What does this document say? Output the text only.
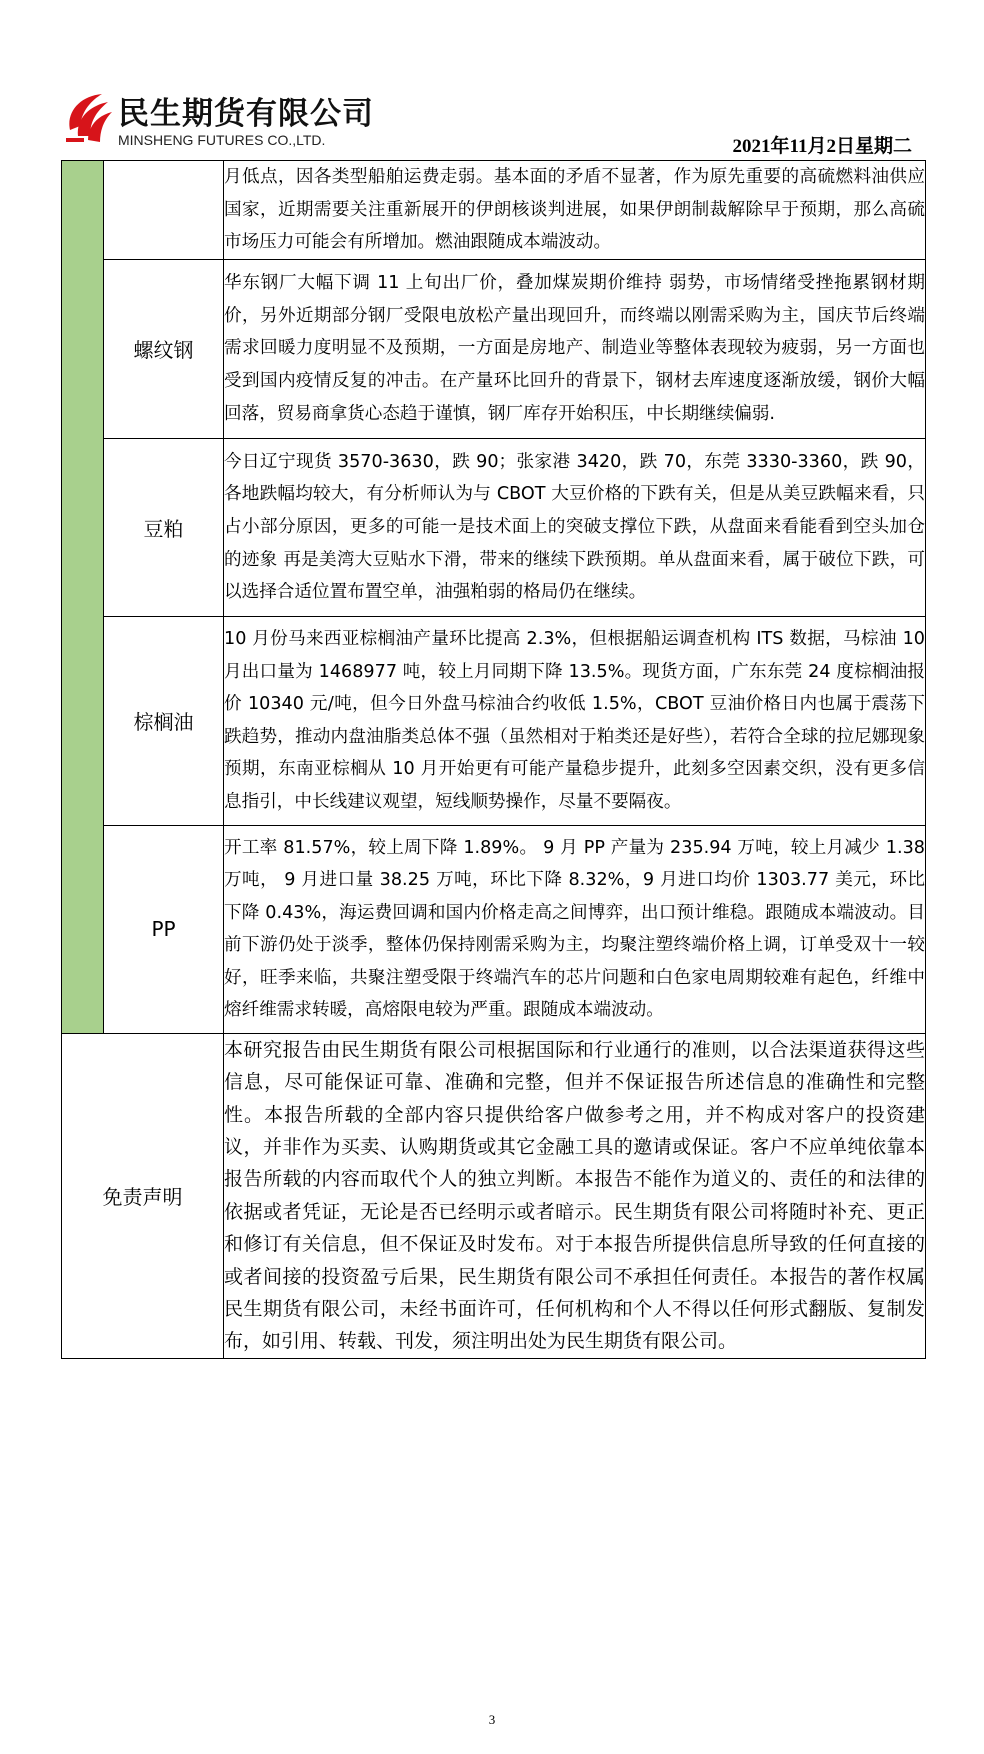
民生期货有限公司
MINSHENG FUTURES CO.,LTD.	2021年11月2日星期二
		月低点，因各类型船舶运费走弱。基本面的矛盾不显著，作为原先重要的高硫燃料油供应国家，近期需要关注重新展开的伊朗核谈判进展，如果伊朗制裁解除早于预期，那么高硫市场压力可能会有所增加。燃油跟随成本端波动。
	螺纹钢	华东钢厂大幅下调 11 上旬出厂价，叠加煤炭期价维持 弱势，市场情绪受挫拖累钢材期价，另外近期部分钢厂受限电放松产量出现回升，而终端以刚需采购为主，国庆节后终端需求回暖力度明显不及预期，一方面是房地产、制造业等整体表现较为疲弱，另一方面也受到国内疫情反复的冲击。在产量环比回升的背景下，钢材去库速度逐渐放缓，钢价大幅回落，贸易商拿货心态趋于谨慎，钢厂库存开始积压，中长期继续偏弱.
	豆粕	今日辽宁现货 3570-3630，跌 90；张家港 3420，跌 70，东莞 3330-3360，跌 90，各地跌幅均较大，有分析师认为与 CBOT 大豆价格的下跌有关，但是从美豆跌幅来看，只占小部分原因，更多的可能一是技术面上的突破支撑位下跌，从盘面来看能看到空头加仓的迹象 再是美湾大豆贴水下滑，带来的继续下跌预期。单从盘面来看，属于破位下跌，可以选择合适位置布置空单，油强粕弱的格局仍在继续。
	棕榈油	10 月份马来西亚棕榈油产量环比提高 2.3%，但根据船运调查机构 ITS 数据，马棕油 10 月出口量为 1468977 吨，较上月同期下降 13.5%。现货方面，广东东莞 24 度棕榈油报价 10340 元/吨，但今日外盘马棕油合约收低 1.5%，CBOT 豆油价格日内也属于震荡下跌趋势，推动内盘油脂类总体不强（虽然相对于粕类还是好些），若符合全球的拉尼娜现象预期，东南亚棕榈从 10 月开始更有可能产量稳步提升，此刻多空因素交织，没有更多信息指引，中长线建议观望，短线顺势操作，尽量不要隔夜。
	PP	开工率 81.57%，较上周下降 1.89%。 9 月 PP 产量为 235.94 万吨，较上月减少 1.38 万吨， 9 月进口量 38.25 万吨，环比下降 8.32%，9 月进口均价 1303.77 美元，环比下降 0.43%，海运费回调和国内价格走高之间博弈，出口预计维稳。跟随成本端波动。目前下游仍处于淡季，整体仍保持刚需采购为主，均聚注塑终端价格上调，订单受双十一较好，旺季来临，共聚注塑受限于终端汽车的芯片问题和白色家电周期较难有起色，纤维中熔纤维需求转暖，高熔限电较为严重。跟随成本端波动。
免责声明		本研究报告由民生期货有限公司根据国际和行业通行的准则，以合法渠道获得这些信息，尽可能保证可靠、准确和完整，但并不保证报告所述信息的准确性和完整性。本报告所载的全部内容只提供给客户做参考之用，并不构成对客户的投资建议，并非作为买卖、认购期货或其它金融工具的邀请或保证。客户不应单纯依靠本报告所载的内容而取代个人的独立判断。本报告不能作为道义的、责任的和法律的依据或者凭证，无论是否已经明示或者暗示。民生期货有限公司将随时补充、更正和修订有关信息，但不保证及时发布。对于本报告所提供信息所导致的任何直接的或者间接的投资盈亏后果，民生期货有限公司不承担任何责任。本报告的著作权属民生期货有限公司，未经书面许可，任何机构和个人不得以任何形式翻版、复制发布，如引用、转载、刊发，须注明出处为民生期货有限公司。
3
